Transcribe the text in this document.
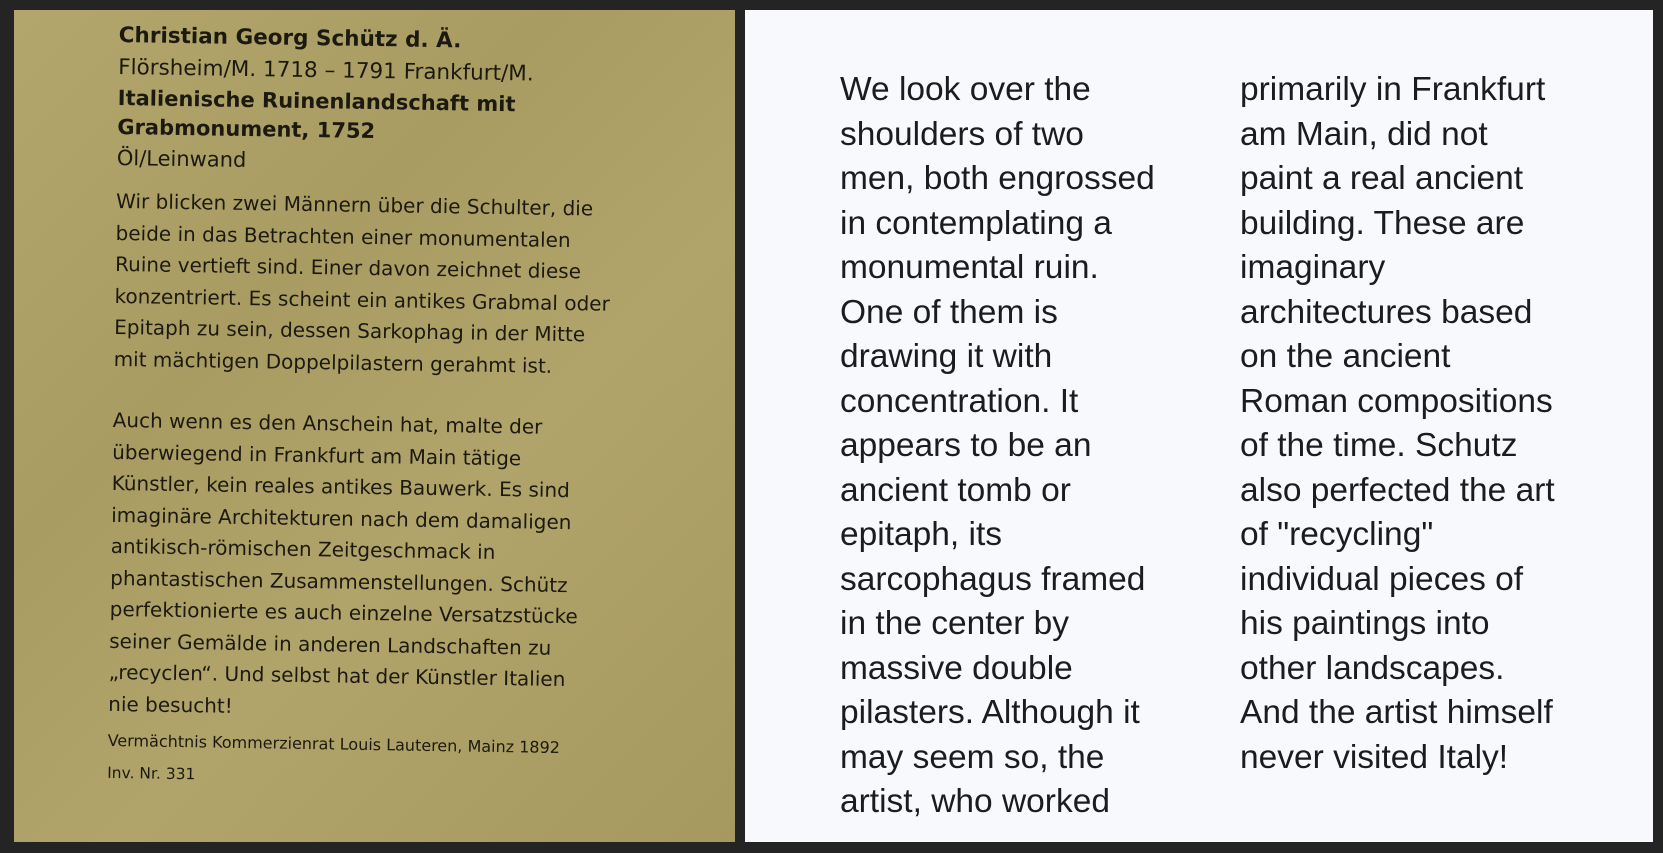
Christian Georg Schütz d. Ä.

Flörsheim/M. 1718 – 1791 Frankfurt/M.

Italienische Ruinenlandschaft mit
Grabmonument, 1752

Öl/Leinwand

Wir blicken zwei Männern über die Schulter, die
beide in das Betrachten einer monumentalen
Ruine vertieft sind. Einer davon zeichnet diese
konzentriert. Es scheint ein antikes Grabmal oder
Epitaph zu sein, dessen Sarkophag in der Mitte
mit mächtigen Doppelpilastern gerahmt ist.
Auch wenn es den Anschein hat, malte der
überwiegend in Frankfurt am Main tätige
Künstler, kein reales antikes Bauwerk. Es sind
imaginäre Architekturen nach dem damaligen
antikisch-römischen Zeitgeschmack in
phantastischen Zusammenstellungen. Schütz
perfektionierte es auch einzelne Versatzstücke
seiner Gemälde in anderen Landschaften zu
„recyclen“. Und selbst hat der Künstler Italien
nie besucht!
Vermächtnis Kommerzienrat Louis Lauteren, Mainz 1892
Inv. Nr. 331
We look over the
shoulders of two
men, both engrossed
in contemplating a
monumental ruin.
One of them is
drawing it with
concentration. It
appears to be an
ancient tomb or
epitaph, its
sarcophagus framed
in the center by
massive double
pilasters. Although it
may seem so, the
artist, who worked
primarily in Frankfurt
am Main, did not
paint a real ancient
building. These are
imaginary
architectures based
on the ancient
Roman compositions
of the time. Schutz
also perfected the art
of "recycling"
individual pieces of
his paintings into
other landscapes.
And the artist himself
never visited Italy!
